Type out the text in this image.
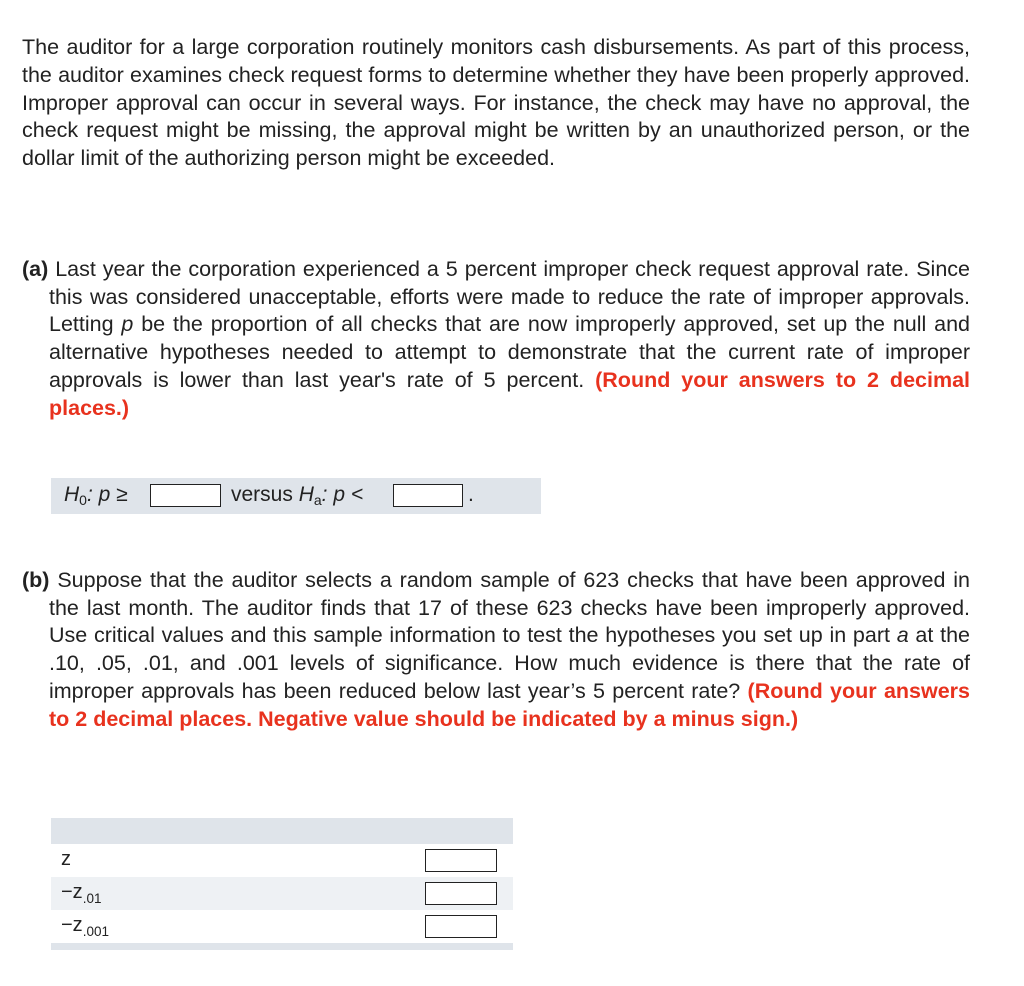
The auditor for a large corporation routinely monitors cash disbursements. As part of this process, the auditor examines check request forms to determine whether they have been properly approved. Improper approval can occur in several ways. For instance, the check may have no approval, the check request might be missing, the approval might be written by an unauthorized person, or the dollar limit of the authorizing person might be exceeded.
(a) Last year the corporation experienced a 5 percent improper check request approval rate. Since this was considered unacceptable, efforts were made to reduce the rate of improper approvals. Letting p be the proportion of all checks that are now improperly approved, set up the null and alternative hypotheses needed to attempt to demonstrate that the current rate of improper approvals is lower than last year's rate of 5 percent. (Round your answers to 2 decimal places.)
H0: p ≥	versus Ha: p <	.
(b) Suppose that the auditor selects a random sample of 623 checks that have been approved in the last month. The auditor finds that 17 of these 623 checks have been improperly approved. Use critical values and this sample information to test the hypotheses you set up in part a at the .10, .05, .01, and .001 levels of significance. How much evidence is there that the rate of improper approvals has been reduced below last year’s 5 percent rate? (Round your answers to 2 decimal places. Negative value should be indicated by a minus sign.)
z
$-z_{.01}$
$-z_{.001}$
